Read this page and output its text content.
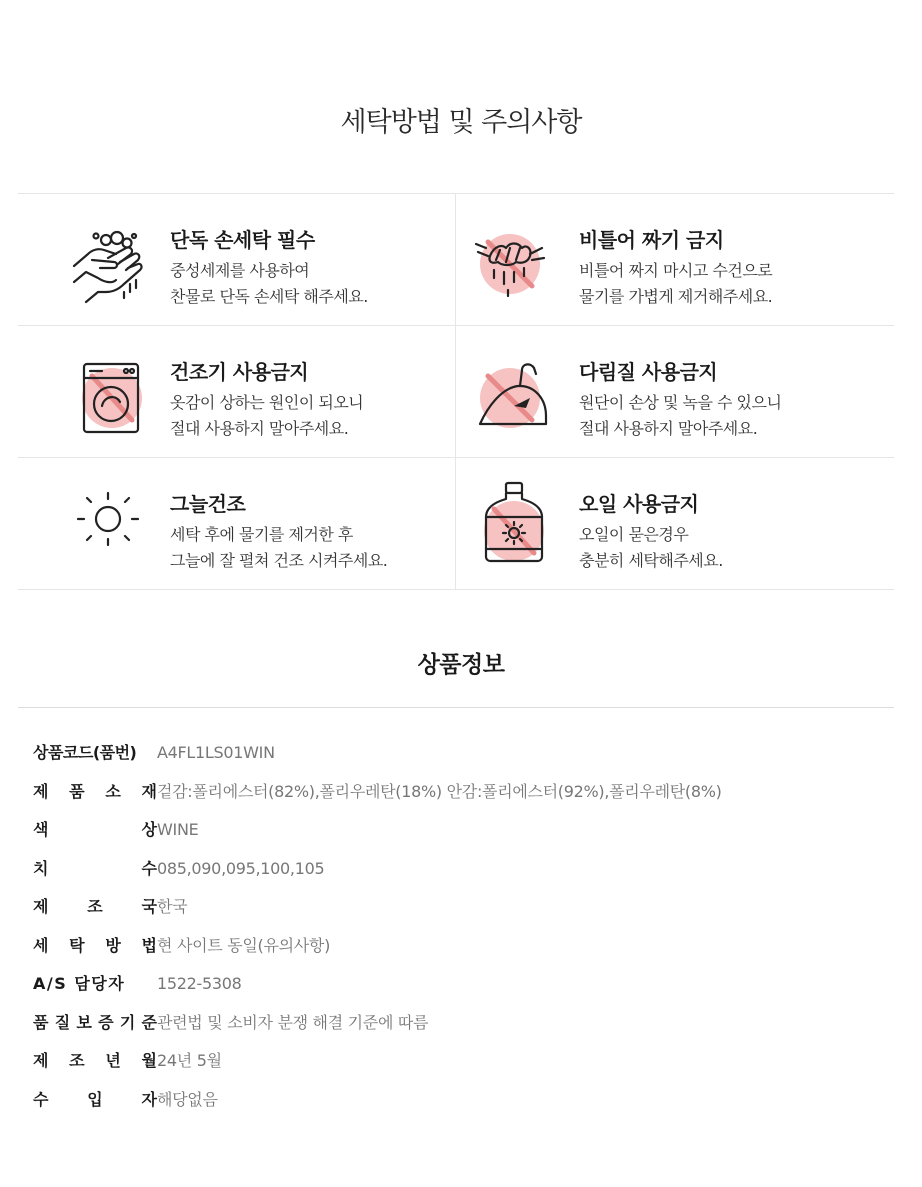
세탁방법 및 주의사항
단독 손세탁 필수
중성세제를 사용하여
찬물로 단독 손세탁 해주세요.
비틀어 짜기 금지
비틀어 짜지 마시고 수건으로
물기를 가볍게 제거해주세요.
건조기 사용금지
옷감이 상하는 원인이 되오니
절대 사용하지 말아주세요.
다림질 사용금지
원단이 손상 및 녹을 수 있으니
절대 사용하지 말아주세요.
그늘건조
세탁 후에 물기를 제거한 후
그늘에 잘 펼쳐 건조 시켜주세요.
오일 사용금지
오일이 묻은경우
충분히 세탁해주세요.
상품정보
상품코드(품번)	A4FL1LS01WIN
제 품 소 재 겉감:폴리에스터(82%),폴리우레탄(18%) 안감:폴리에스터(92%),폴리우레탄(8%)
색	상 WINE
치	수 085,090,095,100,105
제 조 국 한국
세 탁 방 법 현 사이트 동일(유의사항)
A/S 담당자	1522-5308
품 질 보 증 기 준 관련법 및 소비자 분쟁 해결 기준에 따름
제 조 년 월 24년 5월
수 입 자 해당없음
